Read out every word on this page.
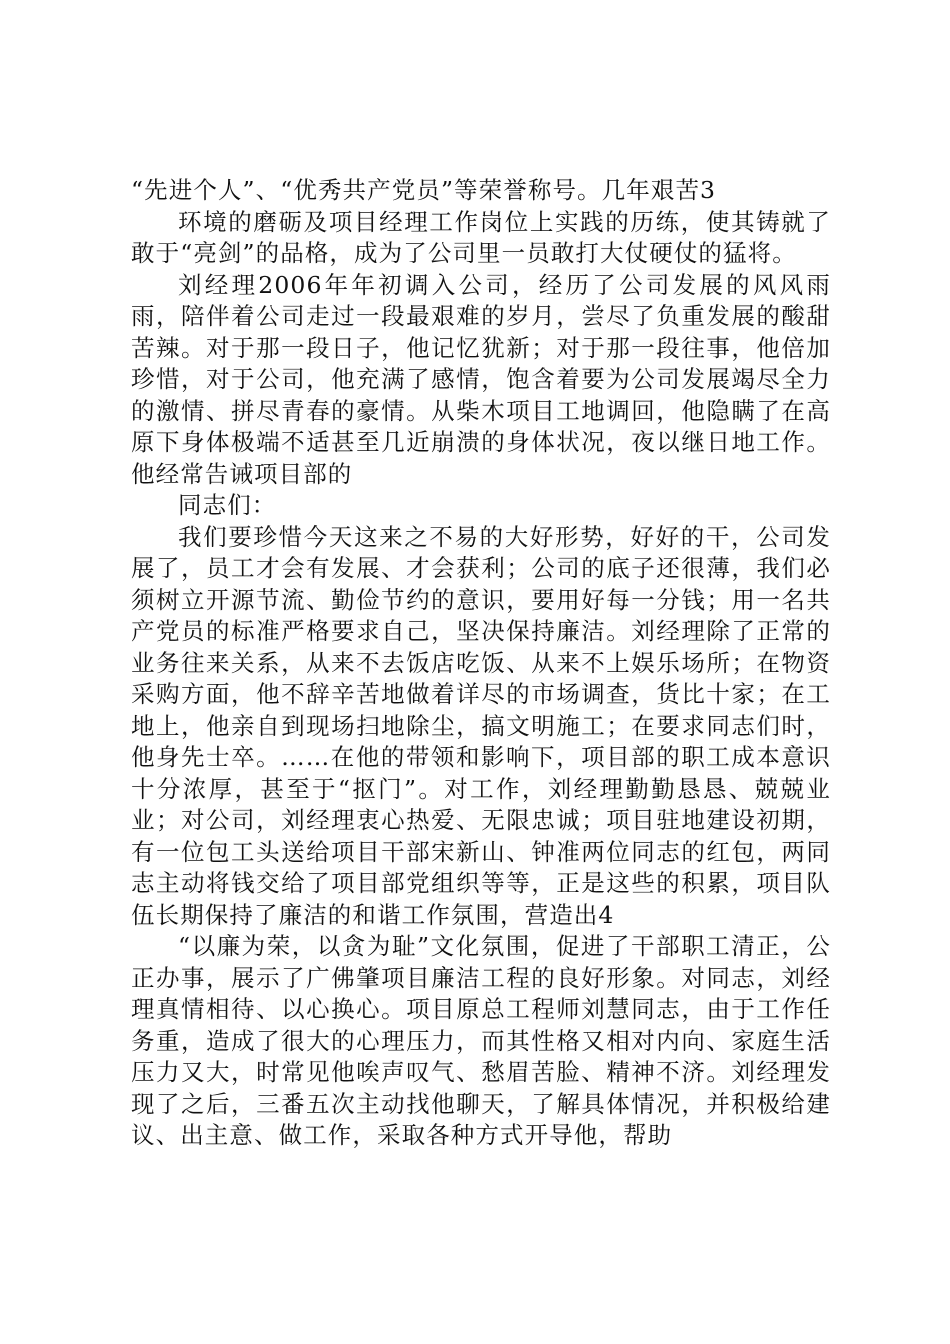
“先进个人”、“优秀共产党员”等荣誉称号。几年艰苦3

环境的磨砺及项目经理工作岗位上实践的历练，使其铸就了敢于“亮剑”的品格，成为了公司里一员敢打大仗硬仗的猛将。

刘经理2006年年初调入公司，经历了公司发展的风风雨雨，陪伴着公司走过一段最艰难的岁月，尝尽了负重发展的酸甜苦辣。对于那一段日子，他记忆犹新；对于那一段往事，他倍加珍惜，对于公司，他充满了感情，饱含着要为公司发展竭尽全力的激情、拼尽青春的豪情。从柴木项目工地调回，他隐瞒了在高原下身体极端不适甚至几近崩溃的身体状况，夜以继日地工作。他经常告诫项目部的

同志们：

我们要珍惜今天这来之不易的大好形势，好好的干，公司发展了，员工才会有发展、才会获利；公司的底子还很薄，我们必须树立开源节流、勤俭节约的意识，要用好每一分钱；用一名共产党员的标准严格要求自己，坚决保持廉洁。刘经理除了正常的业务往来关系，从来不去饭店吃饭、从来不上娱乐场所；在物资采购方面，他不辞辛苦地做着详尽的市场调查，货比十家；在工地上，他亲自到现场扫地除尘，搞文明施工；在要求同志们时，他身先士卒。……在他的带领和影响下，项目部的职工成本意识十分浓厚，甚至于“抠门”。对工作，刘经理勤勤恳恳、兢兢业业；对公司，刘经理衷心热爱、无限忠诚；项目驻地建设初期，有一位包工头送给项目干部宋新山、钟准两位同志的红包，两同志主动将钱交给了项目部党组织等等，正是这些的积累，项目队伍长期保持了廉洁的和谐工作氛围，营造出4

“以廉为荣，以贪为耻”文化氛围，促进了干部职工清正，公正办事，展示了广佛肇项目廉洁工程的良好形象。对同志，刘经理真情相待、以心换心。项目原总工程师刘慧同志，由于工作任务重，造成了很大的心理压力，而其性格又相对内向、家庭生活压力又大，时常见他唉声叹气、愁眉苦脸、精神不济。刘经理发现了之后，三番五次主动找他聊天，了解具体情况，并积极给建议、出主意、做工作，采取各种方式开导他，帮助
